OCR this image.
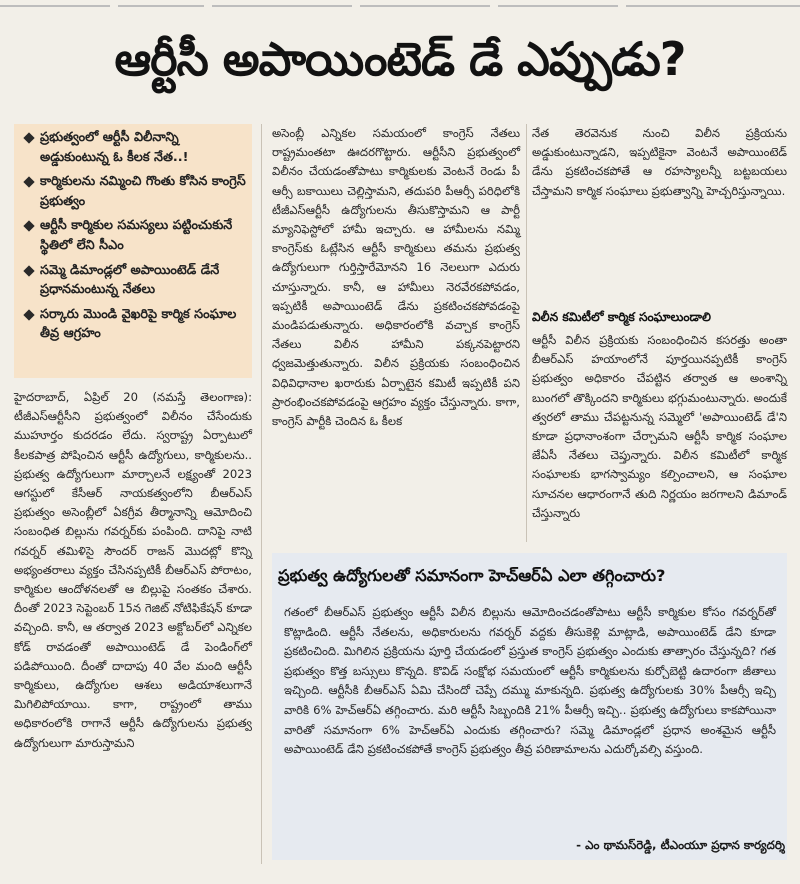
ఆర్టీసీ అపాయింటెడ్ డే ఎప్పుడు?
ప్రభుత్వంలో ఆర్టీసీ విలీనాన్ని అడ్డుకుంటున్న ఓ కీలక నేత..!
కార్మికులను నమ్మించి గొంతు కోసిన కాంగ్రెస్ ప్రభుత్వం
ఆర్టీసీ కార్మికుల సమస్యలు పట్టించుకునే స్థితిలో లేని సీఎం
సమ్మె డిమాండ్లలో అపాయింటెడ్ డేనే ప్రధానమంటున్న నేతలు
సర్కారు మొండి వైఖరిపై కార్మిక సంఘాల తీవ్ర ఆగ్రహం

హైదరాబాద్, ఏప్రిల్ 20 (నమస్తే తెలంగాణ): టీజీఎస్ఆర్టీసీని ప్రభుత్వంలో విలీనం చేసేందుకు ముహూర్తం కుదరడం లేదు. స్వరాష్ట్ర ఏర్పాటులో కీలకపాత్ర పోషించిన ఆర్టీసీ ఉద్యోగులు, కార్మికులను.. ప్రభుత్వ ఉద్యోగులుగా మార్చాలనే లక్ష్యంతో 2023 ఆగస్టులో కేసీఆర్ నాయకత్వంలోని బీఆర్ఎస్ ప్రభుత్వం అసెంబ్లీలో ఏకగ్రీవ తీర్మానాన్ని ఆమోదించి సంబంధిత బిల్లును గవర్నర్‌కు పంపింది. దానిపై నాటి గవర్నర్ తమిళిసై సౌందర్ రాజన్ మొదట్లో కొన్ని అభ్యంతరాలు వ్యక్తం చేసినప్పటికీ బీఆర్ఎస్ పోరాటం, కార్మికుల ఆందోళనలతో ఆ బిల్లుపై సంతకం చేశారు. దీంతో 2023 సెప్టెంబర్ 15న గెజిట్ నోటిఫికేషన్ కూడా వచ్చింది. కానీ, ఆ తర్వాత 2023 అక్టోబర్‌లో ఎన్నికల కోడ్ రావడంతో అపాయింటెడ్ డే పెండింగ్‌లో పడిపోయింది. దీంతో దాదాపు 40 వేల మంది ఆర్టీసీ కార్మికులు, ఉద్యోగుల ఆశలు అడియాశలుగానే మిగిలిపోయాయి. కాగా, రాష్ట్రంలో తాము అధికారంలోకి రాగానే ఆర్టీసీ ఉద్యోగులను ప్రభుత్వ ఉద్యోగులుగా మారుస్తామని

అసెంబ్లీ ఎన్నికల సమయంలో కాంగ్రెస్ నేతలు రాష్ట్రమంతటా ఊదరగొట్టారు. ఆర్టీసీని ప్రభుత్వంలో విలీనం చేయడంతోపాటు కార్మికులకు వెంటనే రెండు పీ ఆర్సీ బకాయిలు చెల్లిస్తామని, తదుపరి పీఆర్సీ పరిధిలోకి టీజీఎస్ఆర్టీసీ ఉద్యోగులను తీసుకొస్తామని ఆ పార్టీ మ్యానిఫెస్టోలో హామీ ఇచ్చారు. ఆ హామీలను నమ్మి కాంగ్రెస్‌కు ఓట్లేసిన ఆర్టీసీ కార్మికులు తమను ప్రభుత్వ ఉద్యోగులుగా గుర్తిస్తారేమోనని 16 నెలలుగా ఎదురు చూస్తున్నారు. కానీ, ఆ హామీలు నెరవేరకపోవడం, ఇప్పటికీ అపాయింటెడ్ డేను ప్రకటించకపోవడంపై మండిపడుతున్నారు. అధికారంలోకి వచ్చాక కాంగ్రెస్ నేతలు విలీన హామీని పక్కనపెట్టారని ధ్వజమెత్తుతున్నారు. విలీన ప్రక్రియకు సంబంధించిన విధివిధానాల ఖరారుకు ఏర్పాటైన కమిటీ ఇప్పటికీ పని ప్రారంభించకపోవడంపై ఆగ్రహం వ్యక్తం చేస్తున్నారు. కాగా, కాంగ్రెస్ పార్టీకి చెందిన ఓ కీలక

నేత తెరవెనుక నుంచి విలీన ప్రక్రియను అడ్డుకుంటున్నాడని, ఇప్పటికైనా వెంటనే అపాయింటెడ్ డేను ప్రకటించకపోతే ఆ రహస్యాలన్నీ బట్టబయలు చేస్తామని కార్మిక సంఘాలు ప్రభుత్వాన్ని హెచ్చరిస్తున్నాయి.

విలీన కమిటీలో కార్మిక సంఘాలుండాలి

ఆర్టీసీ విలీన ప్రక్రియకు సంబంధించిన కసరత్తు అంతా బీఆర్ఎస్ హయాంలోనే పూర్తయినప్పటికీ కాంగ్రెస్ ప్రభుత్వం అధికారం చేపట్టిన తర్వాత ఆ అంశాన్ని బుంగలో తొక్కిందని కార్మికులు భగ్గుమంటున్నారు. అందుకే త్వరలో తాము చేపట్టనున్న సమ్మెలో 'అపాయింటెడ్ డే'ని కూడా ప్రధానాంశంగా చేర్చామని ఆర్టీసీ కార్మిక సంఘాల జేఏసీ నేతలు చెప్తున్నారు. విలీన కమిటీలో కార్మిక సంఘాలకు భాగస్వామ్యం కల్పించాలని, ఆ సంఘాల సూచనల ఆధారంగానే తుది నిర్ణయం జరగాలని డిమాండ్ చేస్తున్నారు

ప్రభుత్వ ఉద్యోగులతో సమానంగా హెచ్‌ఆర్‌ఏ ఎలా తగ్గించారు?

గతంలో బీఆర్ఎస్ ప్రభుత్వం ఆర్టీసీ విలీన బిల్లును ఆమోదించడంతోపాటు ఆర్టీసీ కార్మికుల కోసం గవర్నర్‌తో కొట్లాడింది. ఆర్టీసీ నేతలను, అధికారులను గవర్నర్ వద్దకు తీసుకెళ్లి మాట్లాడి, అపాయింటెడ్ డేని కూడా ప్రకటించింది. మిగిలిన ప్రక్రియను పూర్తి చేయడంలో ప్రస్తుత కాంగ్రెస్ ప్రభుత్వం ఎందుకు తాత్సారం చేస్తున్నది? గత ప్రభుత్వం కొత్త బస్సులు కొన్నది. కొవిడ్ సంక్షోభ సమయంలో ఆర్టీసీ కార్మికులను కుర్చోబెట్టి ఉదారంగా జీతాలు ఇచ్చింది. ఆర్టీసీకి బీఆర్ఎస్ ఏమి చేసిందో చెప్పే దమ్ము మాకున్నది. ప్రభుత్వ ఉద్యోగులకు 30% పీఆర్సీ ఇచ్చి వారికి 6% హెచ్‌ఆర్‌ఏ తగ్గించారు. మరి ఆర్టీసీ సిబ్బందికి 21% పీఆర్సీ ఇచ్చి.. ప్రభుత్వ ఉద్యోగులు కాకపోయినా వారితో సమానంగా 6% హెచ్‌ఆర్‌ఏ ఎందుకు తగ్గించారు? సమ్మె డిమాండ్లలో ప్రధాన అంశమైన ఆర్టీసీ అపాయింటెడ్ డేని ప్రకటించకపోతే కాంగ్రెస్ ప్రభుత్వం తీవ్ర పరిణామాలను ఎదుర్కోవల్సి వస్తుంది.

- ఎం థామస్‌రెడ్డి, టీఎంయూ ప్రధాన కార్యదర్శి
